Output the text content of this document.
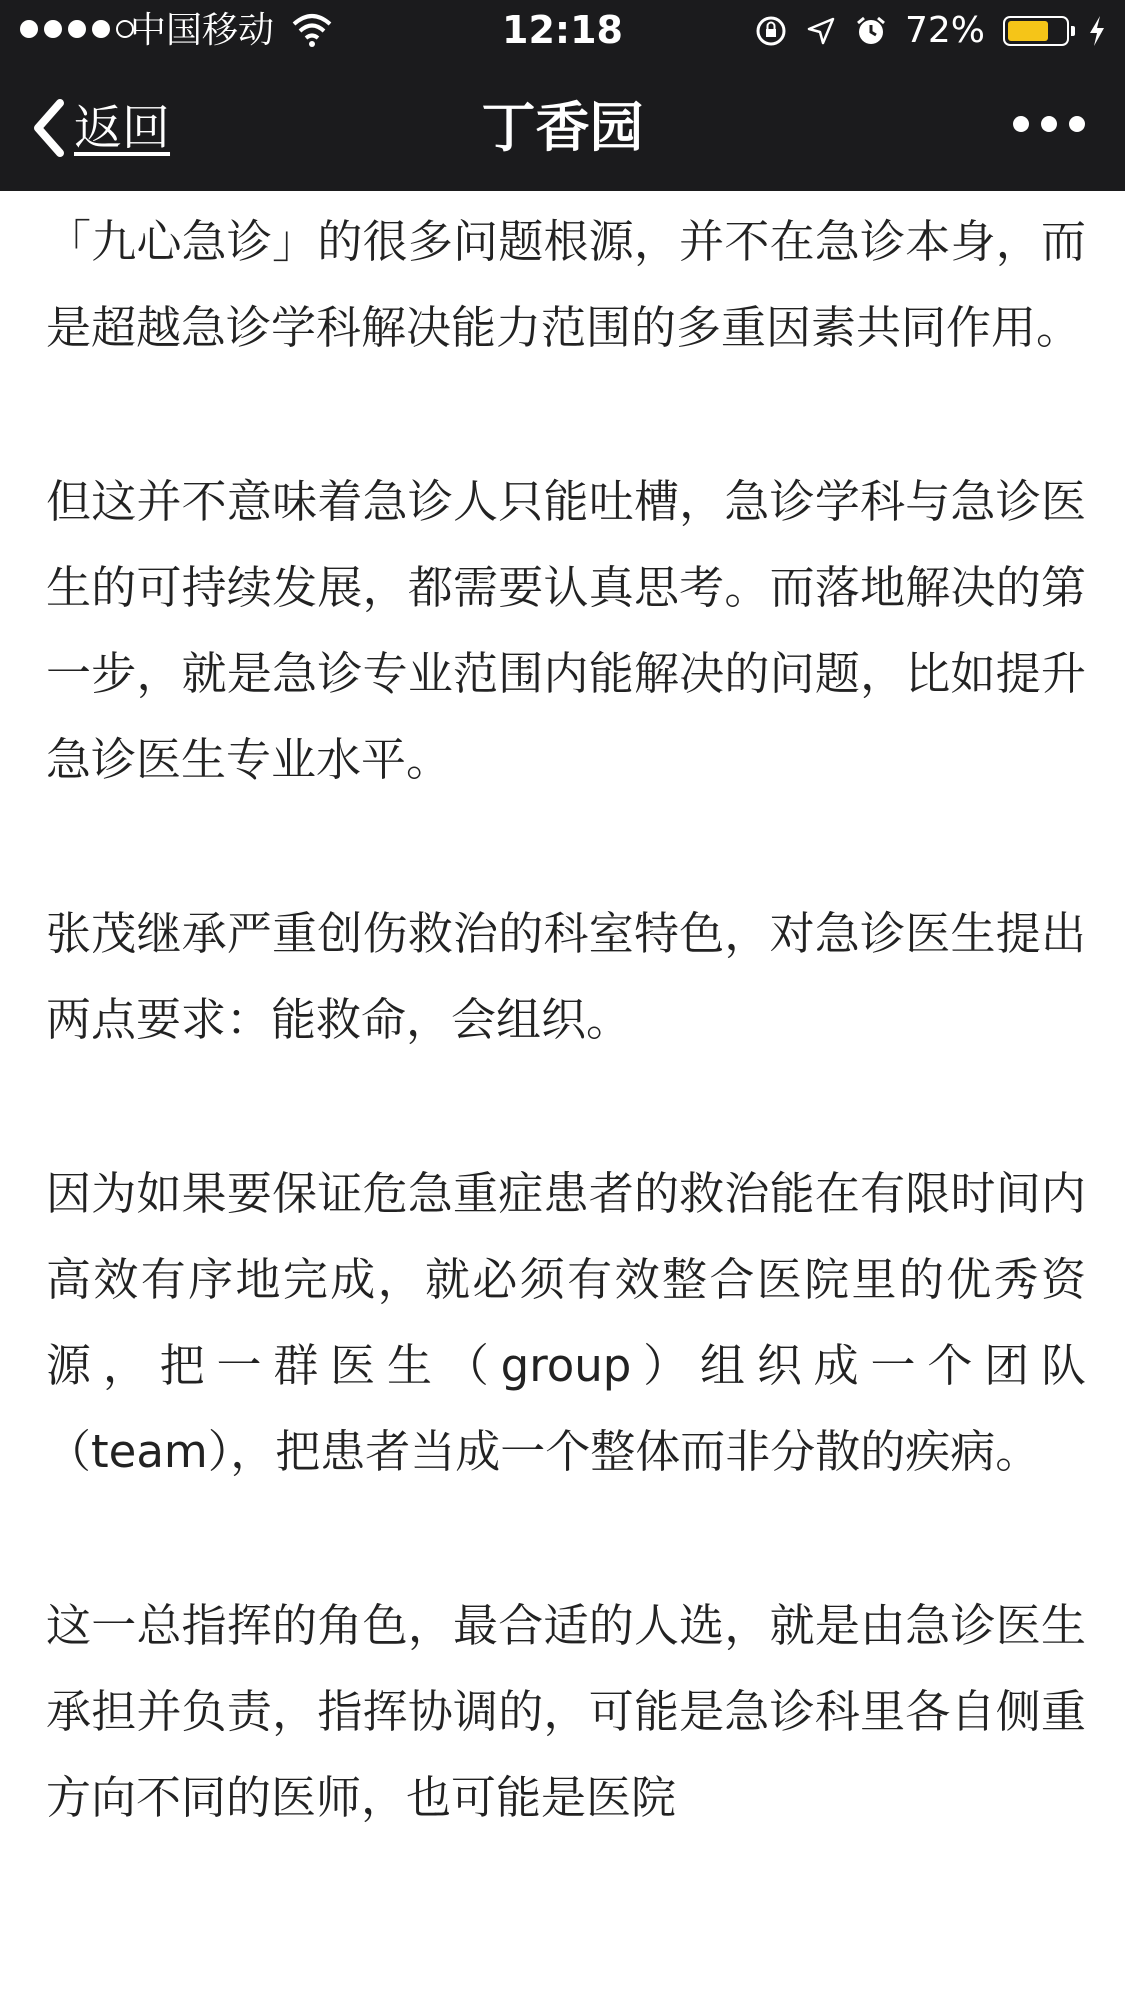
中国移动	12:18	72%
返回	丁香园

「九心急诊」的很多问题根源，并不在急诊本身，而是超越急诊学科解决能力范围的多重因素共同作用。

但这并不意味着急诊人只能吐槽，急诊学科与急诊医生的可持续发展，都需要认真思考。而落地解决的第一步，就是急诊专业范围内能解决的问题，比如提升急诊医生专业水平。

张茂继承严重创伤救治的科室特色，对急诊医生提出两点要求：能救命，会组织。

因为如果要保证危急重症患者的救治能在有限时间内高效有序地完成，就必须有效整合医院里的优秀资源，把一群医生（group）组织成一个团队（team），把患者当成一个整体而非分散的疾病。

这一总指挥的角色，最合适的人选，就是由急诊医生承担并负责，指挥协调的，可能是急诊科里各自侧重方向不同的医师，也可能是医院
